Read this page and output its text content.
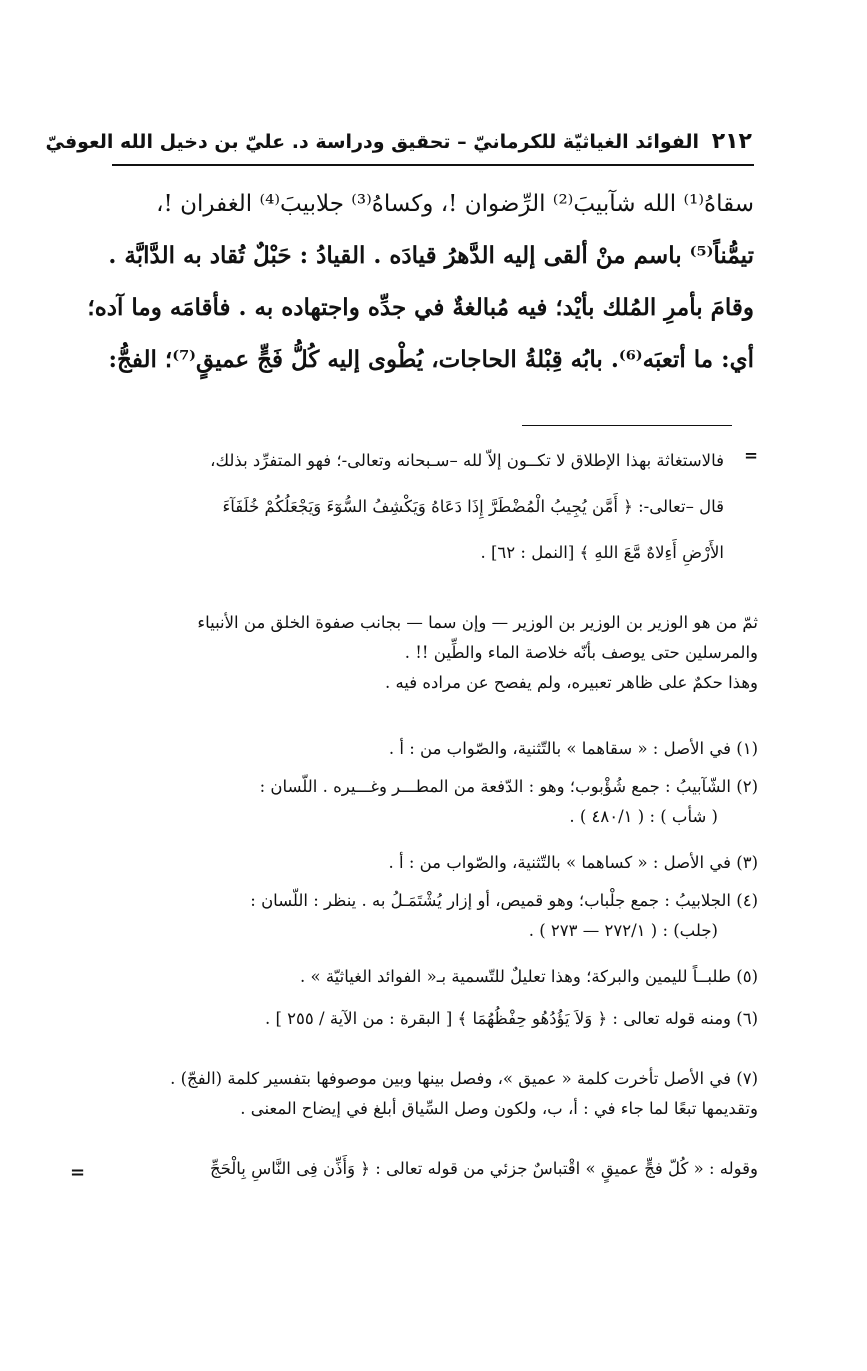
٢١٢ الفوائد الغياثيّة للكرمانيّ – تحقيق ودراسة د. عليّ بن دخيل الله العوفيّ

سقاهُ⁽¹⁾ الله شآبيبَ⁽²⁾ الرِّضوان !، وكساهُ⁽³⁾ جلابيبَ⁽⁴⁾ الغفران !،

تيمُّناً⁽⁵⁾ باسم منْ ألقى إليه الدَّهرُ قيادَه . القيادُ : حَبْلٌ تُقاد به الدَّابَّة .

وقامَ بأمرِ المُلك بأيْد؛ فيه مُبالغةٌ في جدِّه واجتهاده به . فأقامَه وما آده؛

أي: ما أتعبَه⁽⁶⁾. بابُه قِبْلةُ الحاجات، يُطْوى إليه كُلُّ فَجٍّ عميقٍ⁽⁷⁾؛ الفجُّ:

=

فالاستغاثة بهذا الإطلاق لا تكــون إلاّ لله –سـبحانه وتعالى-؛ فهو المتفرِّد بذلك،

قال –تعالى-: ﴿ أَمَّن يُجِيبُ الْمُضْطَرَّ إِذَا دَعَاهُ وَيَكْشِفُ السُّوٓءَ وَيَجْعَلُكُمْ خُلَفَآءَ

الأَرْضِ أَءِلاهٌ مَّعَ اللهِ ﴾ [النمل : ٦٢] .

ثمّ من هو الوزير بن الوزير بن الوزير — وإن سما — بجانب صفوة الخلق من الأنبياء

والمرسلين حتى يوصف بأنّه خلاصة الماء والطِّين !! .

وهذا حكمٌ على ظاهر تعبيره، ولم يفصح عن مراده فيه .

(١) في الأصل : « سقاهما » بالتّثنية، والصّواب من : أ .

(٢) الشّآبيبُ : جمع شُؤْبوب؛ وهو : الدّفعة من المطـــر وغـــيره . اللّسان :

( شأب ) : ( ٤٨٠/١ ) .

(٣) في الأصل : « كساهما » بالتّثنية، والصّواب من : أ .

(٤) الجلابيبُ : جمع جلْباب؛ وهو قميص، أو إزار يُشْتَمَـلُ به . ينظر : اللّسان :

(جلب) : ( ٢٧٢/١ — ٢٧٣ ) .

(٥) طلبــاً لليمين والبركة؛ وهذا تعليلٌ للتّسمية بـ« الفوائد الغياثيّة » .

(٦) ومنه قوله تعالى : ﴿ وَلاَ يَؤُدُهُو حِفْظُهُمَا ﴾ [ البقرة : من الآية / ٢٥٥ ] .

(٧) في الأصل تأخرت كلمة « عميق »، وفصل بينها وبين موصوفها بتفسير كلمة (الفجّ) .

وتقديمها تبعًا لما جاء في : أ، ب، ولكون وصل السِّياق أبلغ في إيضاح المعنى .

وقوله : « كُلّ فجٍّ عميقٍ » اقْتباسٌ جزئي من قوله تعالى : ﴿ وَأَذِّن فِى النَّاسِ بِالْحَجِّ

=
